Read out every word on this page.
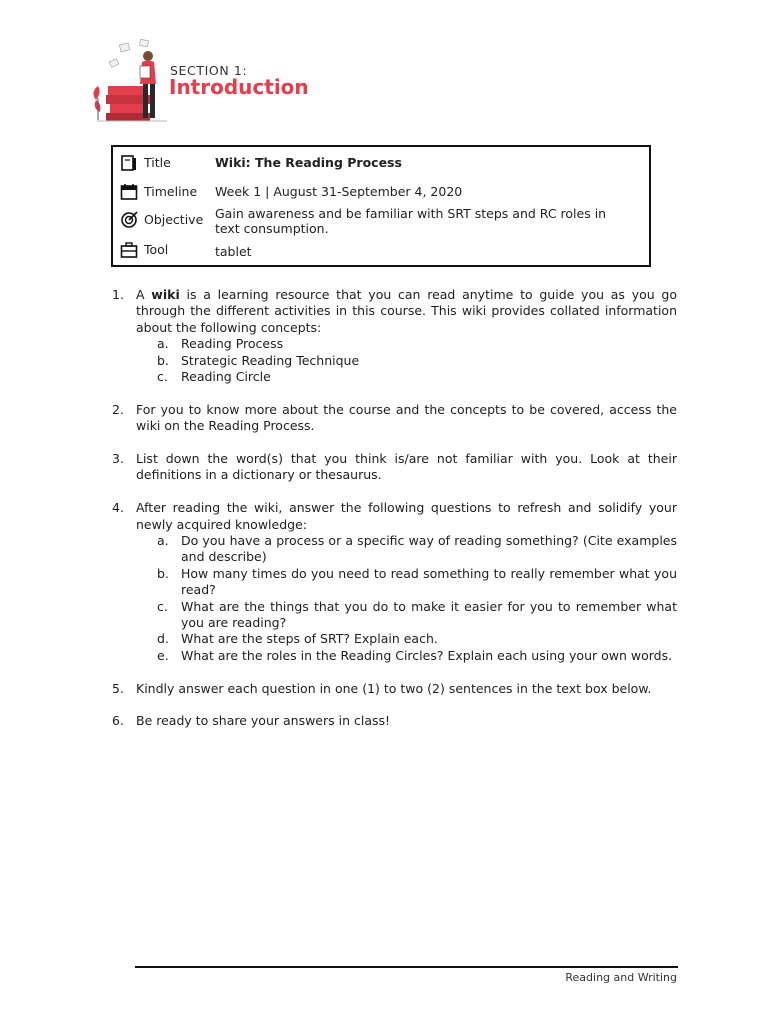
SECTION 1:
Introduction
Title	Wiki: The Reading Process
Timeline Week 1 | August 31-September 4, 2020
Objective Gain awareness and be familiar with SRT steps and RC roles in text consumption.
Tool	tablet
1. A wiki is a learning resource that you can read anytime to guide you as you go through the different activities in this course. This wiki provides collated information about the following concepts:
a. Reading Process
b. Strategic Reading Technique
c. Reading Circle
2. For you to know more about the course and the concepts to be covered, access the wiki on the Reading Process.
3. List down the word(s) that you think is/are not familiar with you. Look at their definitions in a dictionary or thesaurus.
4. After reading the wiki, answer the following questions to refresh and solidify your newly acquired knowledge:
a. Do you have a process or a specific way of reading something? (Cite examples and describe)
b. How many times do you need to read something to really remember what you read?
c. What are the things that you do to make it easier for you to remember what you are reading?
d. What are the steps of SRT? Explain each.
e. What are the roles in the Reading Circles? Explain each using your own words.
5. Kindly answer each question in one (1) to two (2) sentences in the text box below.
6. Be ready to share your answers in class!
Reading and Writing
